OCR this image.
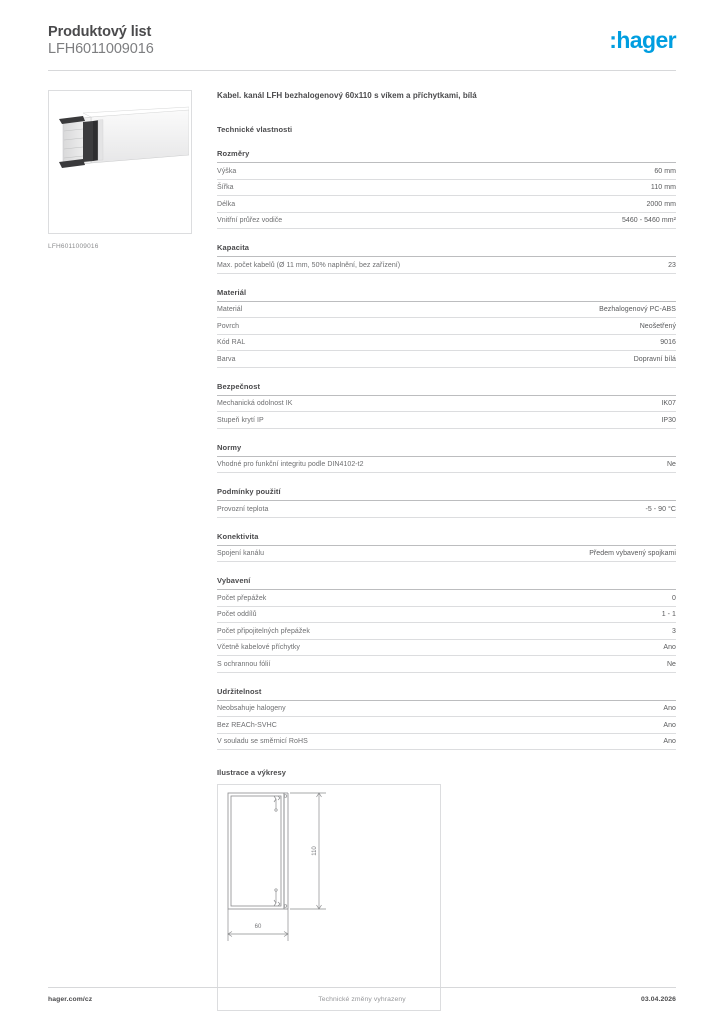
Produktový list
LFH6011009016	:hager
LFH6011009016
Kabel. kanál LFH bezhalogenový 60x110 s víkem a příchytkami, bílá
Technické vlastnosti
Rozměry
Výška	60 mm
Šířka	110 mm
Délka	2000 mm
Vnitřní průřez vodiče	5460 - 5460 mm²
Kapacita
Max. počet kabelů (Ø 11 mm, 50% naplnění, bez zařízení)	23
Materiál
Materiál	Bezhalogenový PC-ABS
Povrch	Neošetřený
Kód RAL	9016
Barva	Dopravní bílá
Bezpečnost
Mechanická odolnost IK	IK07
Stupeň krytí IP	IP30
Normy
Vhodné pro funkční integritu podle DIN4102-t2	Ne
Podmínky použití
Provozní teplota	-5 - 90 °C
Konektivita
Spojení kanálu	Předem vybavený spojkami
Vybavení
Počet přepážek	0
Počet oddílů	1 - 1
Počet připojitelných přepážek	3
Včetně kabelové příchytky	Ano
S ochrannou fólií	Ne
Udržitelnost
Neobsahuje halogeny	Ano
Bez REACh-SVHC	Ano
V souladu se směrnicí RoHS	Ano
Ilustrace a výkresy
110
60
hager.com/cz	Technické změny vyhrazeny	03.04.2026
